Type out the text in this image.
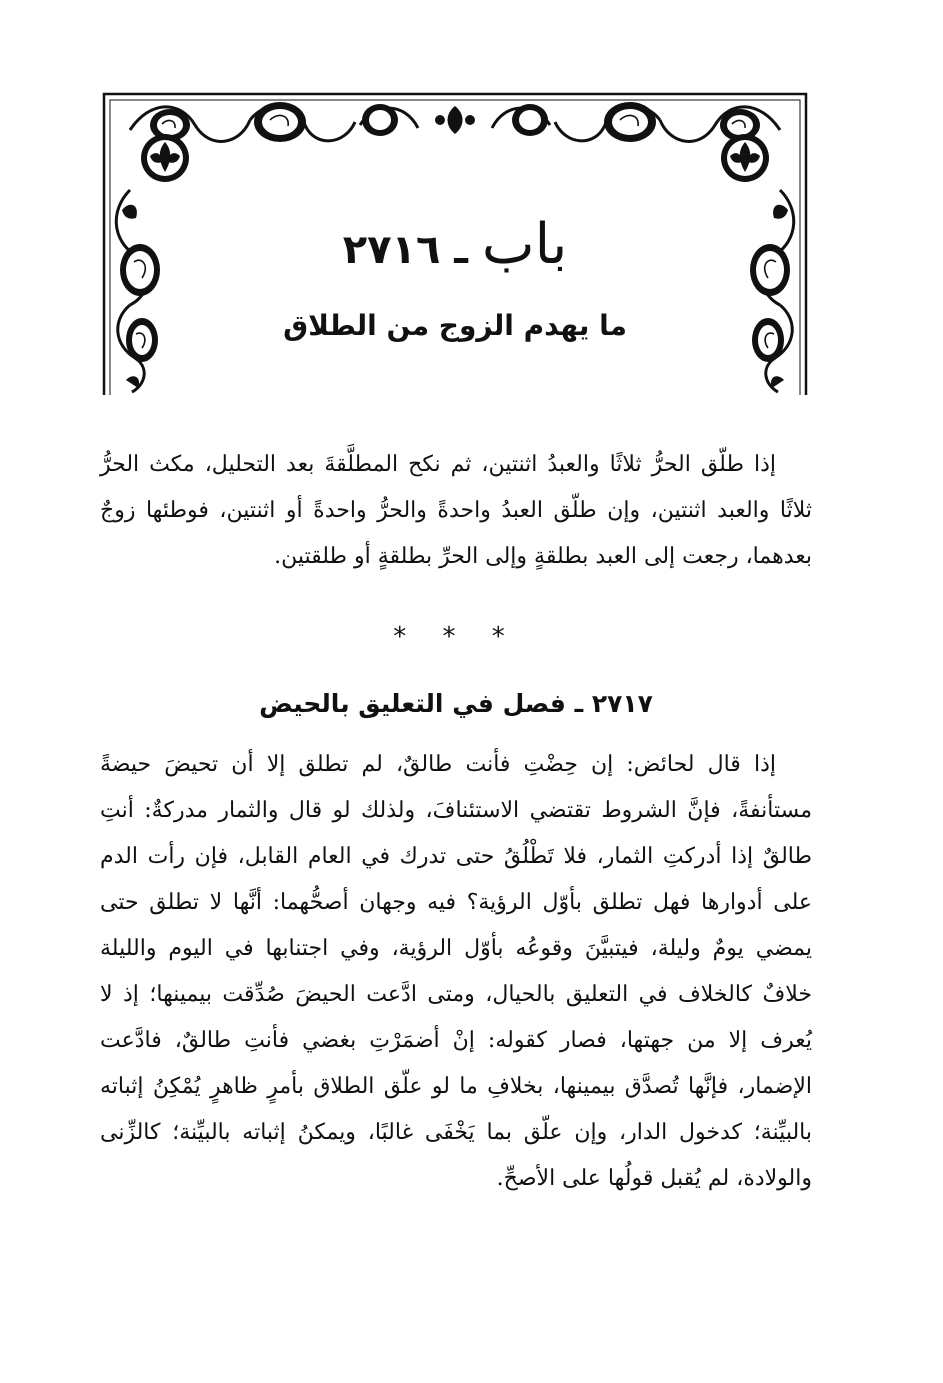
باب ـ ٢٧١٦
ما يهدم الزوج من الطلاق

إذا طلّق الحرُّ ثلاثًا والعبدُ اثنتين، ثم نكح المطلَّقةَ بعد التحليل، مكث الحرُّ ثلاثًا والعبد اثنتين، وإن طلّق العبدُ واحدةً والحرُّ واحدةً أو اثنتين، فوطئها زوجٌ بعدهما، رجعت إلى العبد بطلقةٍ وإلى الحرِّ بطلقةٍ أو طلقتين.

* * *
٢٧١٧ ـ فصل في التعليق بالحيض

إذا قال لحائض: إن حِضْتِ فأنت طالقٌ، لم تطلق إلا أن تحيضَ حيضةً مستأنفةً، فإنَّ الشروط تقتضي الاستئنافَ، ولذلك لو قال والثمار مدركةٌ: أنتِ طالقٌ إذا أدركتِ الثمار، فلا تَطْلُقُ حتى تدرك في العام القابل، فإن رأت الدم على أدوارها فهل تطلق بأوّل الرؤية؟ فيه وجهان أصحُّهما: أنَّها لا تطلق حتى يمضي يومٌ وليلة، فيتبيَّنَ وقوعُه بأوّل الرؤية، وفي اجتنابها في اليوم والليلة خلافٌ كالخلاف في التعليق بالحيال، ومتى ادَّعت الحيضَ صُدِّقت بيمينها؛ إذ لا يُعرف إلا من جهتها، فصار كقوله: إنْ أضمَرْتِ بغضي فأنتِ طالقٌ، فادَّعت الإضمار، فإنَّها تُصدَّق بيمينها، بخلافِ ما لو علّق الطلاق بأمرٍ ظاهرٍ يُمْكِنُ إثباته بالبيِّنة؛ كدخول الدار، وإن علّق بما يَخْفَى غالبًا، ويمكنُ إثباته بالبيِّنة؛ كالزِّنى والولادة، لم يُقبل قولُها على الأصحِّ.
